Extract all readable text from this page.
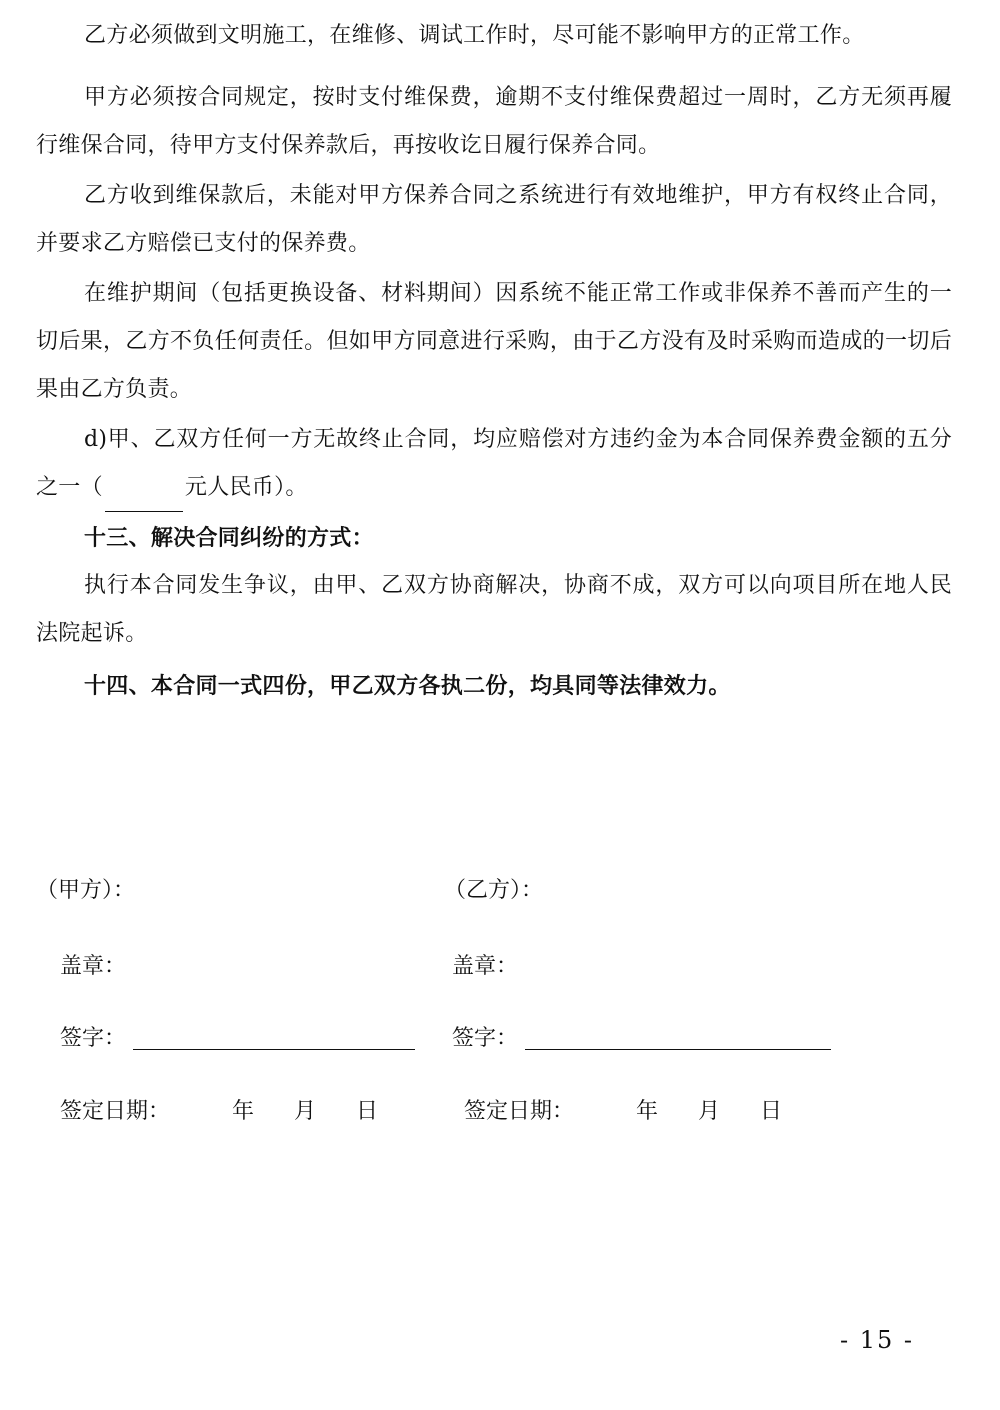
乙方必须做到文明施工，在维修、调试工作时，尽可能不影响甲方的正常工作。

甲方必须按合同规定，按时支付维保费，逾期不支付维保费超过一周时，乙方无须再履行维保合同，待甲方支付保养款后，再按收讫日履行保养合同。

乙方收到维保款后，未能对甲方保养合同之系统进行有效地维护，甲方有权终止合同，并要求乙方赔偿已支付的保养费。

在维护期间（包括更换设备、材料期间）因系统不能正常工作或非保养不善而产生的一切后果，乙方不负任何责任。但如甲方同意进行采购，由于乙方没有及时采购而造成的一切后果由乙方负责。

d)甲、乙双方任何一方无故终止合同，均应赔偿对方违约金为本合同保养费金额的五分之一（	元人民币）。

十三、解决合同纠纷的方式：

执行本合同发生争议，由甲、乙双方协商解决，协商不成，双方可以向项目所在地人民法院起诉。

十四、本合同一式四份，甲乙双方各执二份，均具同等法律效力。

（甲方）：	（乙方）：
盖章：	盖章：
签字：	签字：
签定日期：	年 月 日	签定日期：	年 月 日
- 15 -
